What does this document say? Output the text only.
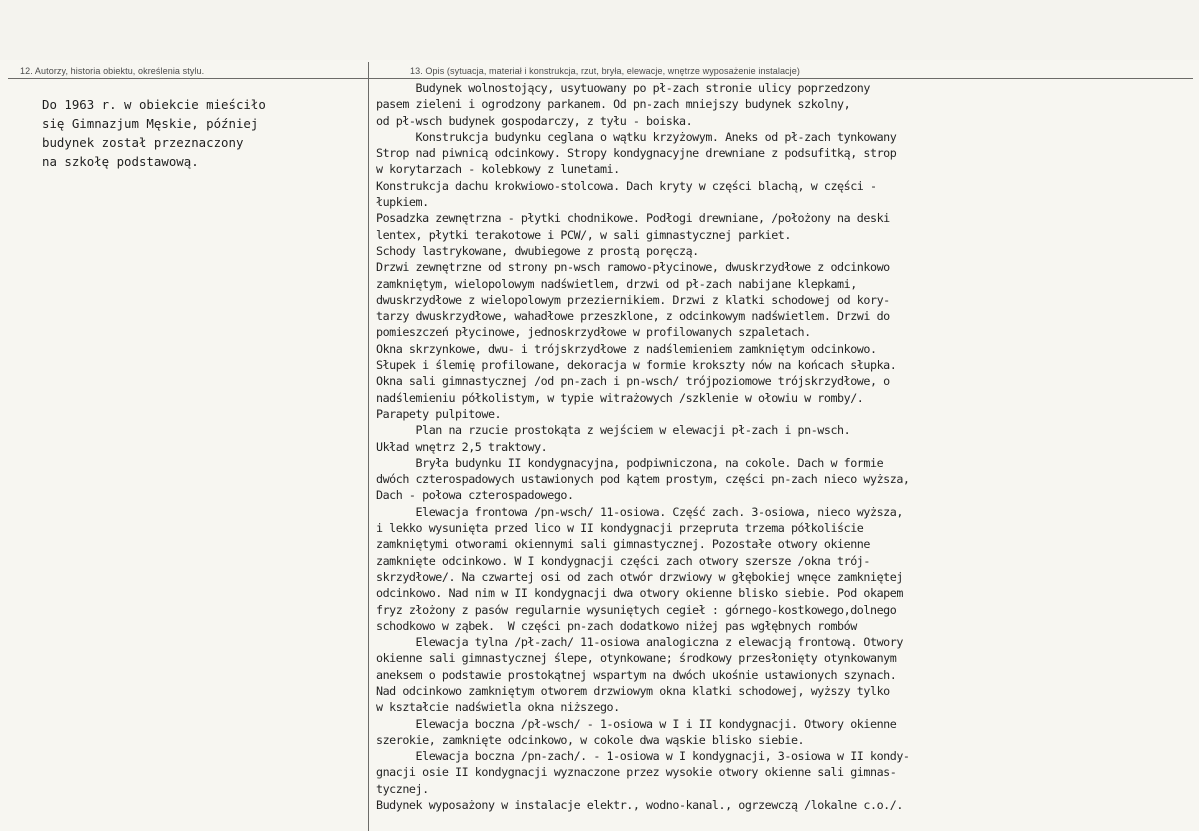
12. Autorzy, historia obiektu, określenia stylu.	13. Opis (sytuacja, materiał i konstrukcja, rzut, bryła, elewacje, wnętrze wyposażenie instalacje)
Do 1963 r. w obiekcie mieściło
się Gimnazjum Męskie, później
budynek został przeznaczony
na szkołę podstawową.
Budynek wolnostojący, usytuowany po pł-zach stronie ulicy poprzedzony
pasem zieleni i ogrodzony parkanem. Od pn-zach mniejszy budynek szkolny,
od pł-wsch budynek gospodarczy, z tyłu - boiska.
Konstrukcja budynku ceglana o wątku krzyżowym. Aneks od pł-zach tynkowany
Strop nad piwnicą odcinkowy. Stropy kondygnacyjne drewniane z podsufitką, strop
w korytarzach - kolebkowy z lunetami.
Konstrukcja dachu krokwiowo-stolcowa. Dach kryty w części blachą, w części -
łupkiem.
Posadzka zewnętrzna - płytki chodnikowe. Podłogi drewniane, /położony na deski
lentex, płytki terakotowe i PCW/, w sali gimnastycznej parkiet.
Schody lastrykowane, dwubiegowe z prostą poręczą.
Drzwi zewnętrzne od strony pn-wsch ramowo-płycinowe, dwuskrzydłowe z odcinkowo
zamkniętym, wielopolowym nadświetlem, drzwi od pł-zach nabijane klepkami,
dwuskrzydłowe z wielopolowym przeziernikiem. Drzwi z klatki schodowej od kory-
tarzy dwuskrzydłowe, wahadłowe przeszklone, z odcinkowym nadświetlem. Drzwi do
pomieszczeń płycinowe, jednoskrzydłowe w profilowanych szpaletach.
Okna skrzynkowe, dwu- i trójskrzydłowe z nadślemieniem zamkniętym odcinkowo.
Słupek i ślemię profilowane, dekoracja w formie krokszty nów na końcach słupka.
Okna sali gimnastycznej /od pn-zach i pn-wsch/ trójpoziomowe trójskrzydłowe, o
nadślemieniu półkolistym, w typie witrażowych /szklenie w ołowiu w romby/.
Parapety pulpitowe.
Plan na rzucie prostokąta z wejściem w elewacji pł-zach i pn-wsch.
Układ wnętrz 2,5 traktowy.
Bryła budynku II kondygnacyjna, podpiwniczona, na cokole. Dach w formie
dwóch czterospadowych ustawionych pod kątem prostym, części pn-zach nieco wyższa,
Dach - połowa czterospadowego.
Elewacja frontowa /pn-wsch/ 11-osiowa. Część zach. 3-osiowa, nieco wyższa,
i lekko wysunięta przed lico w II kondygnacji przepruta trzema półkoliście
zamkniętymi otworami okiennymi sali gimnastycznej. Pozostałe otwory okienne
zamknięte odcinkowo. W I kondygnacji części zach otwory szersze /okna trój-
skrzydłowe/. Na czwartej osi od zach otwór drzwiowy w głębokiej wnęce zamkniętej
odcinkowo. Nad nim w II kondygnacji dwa otwory okienne blisko siebie. Pod okapem
fryz złożony z pasów regularnie wysuniętych cegieł : górnego-kostkowego,dolnego
schodkowo w ząbek.  W części pn-zach dodatkowo niżej pas wgłębnych rombów
Elewacja tylna /pł-zach/ 11-osiowa analogiczna z elewacją frontową. Otwory
okienne sali gimnastycznej ślepe, otynkowane; środkowy przesłonięty otynkowanym
aneksem o podstawie prostokątnej wspartym na dwóch ukośnie ustawionych szynach.
Nad odcinkowo zamkniętym otworem drzwiowym okna klatki schodowej, wyższy tylko
w kształcie nadświetla okna niższego.
Elewacja boczna /pł-wsch/ - 1-osiowa w I i II kondygnacji. Otwory okienne
szerokie, zamknięte odcinkowo, w cokole dwa wąskie blisko siebie.
Elewacja boczna /pn-zach/. - 1-osiowa w I kondygnacji, 3-osiowa w II kondy-
gnacji osie II kondygnacji wyznaczone przez wysokie otwory okienne sali gimnas-
tycznej.
Budynek wyposażony w instalacje elektr., wodno-kanal., ogrzewczą /lokalne c.o./.
